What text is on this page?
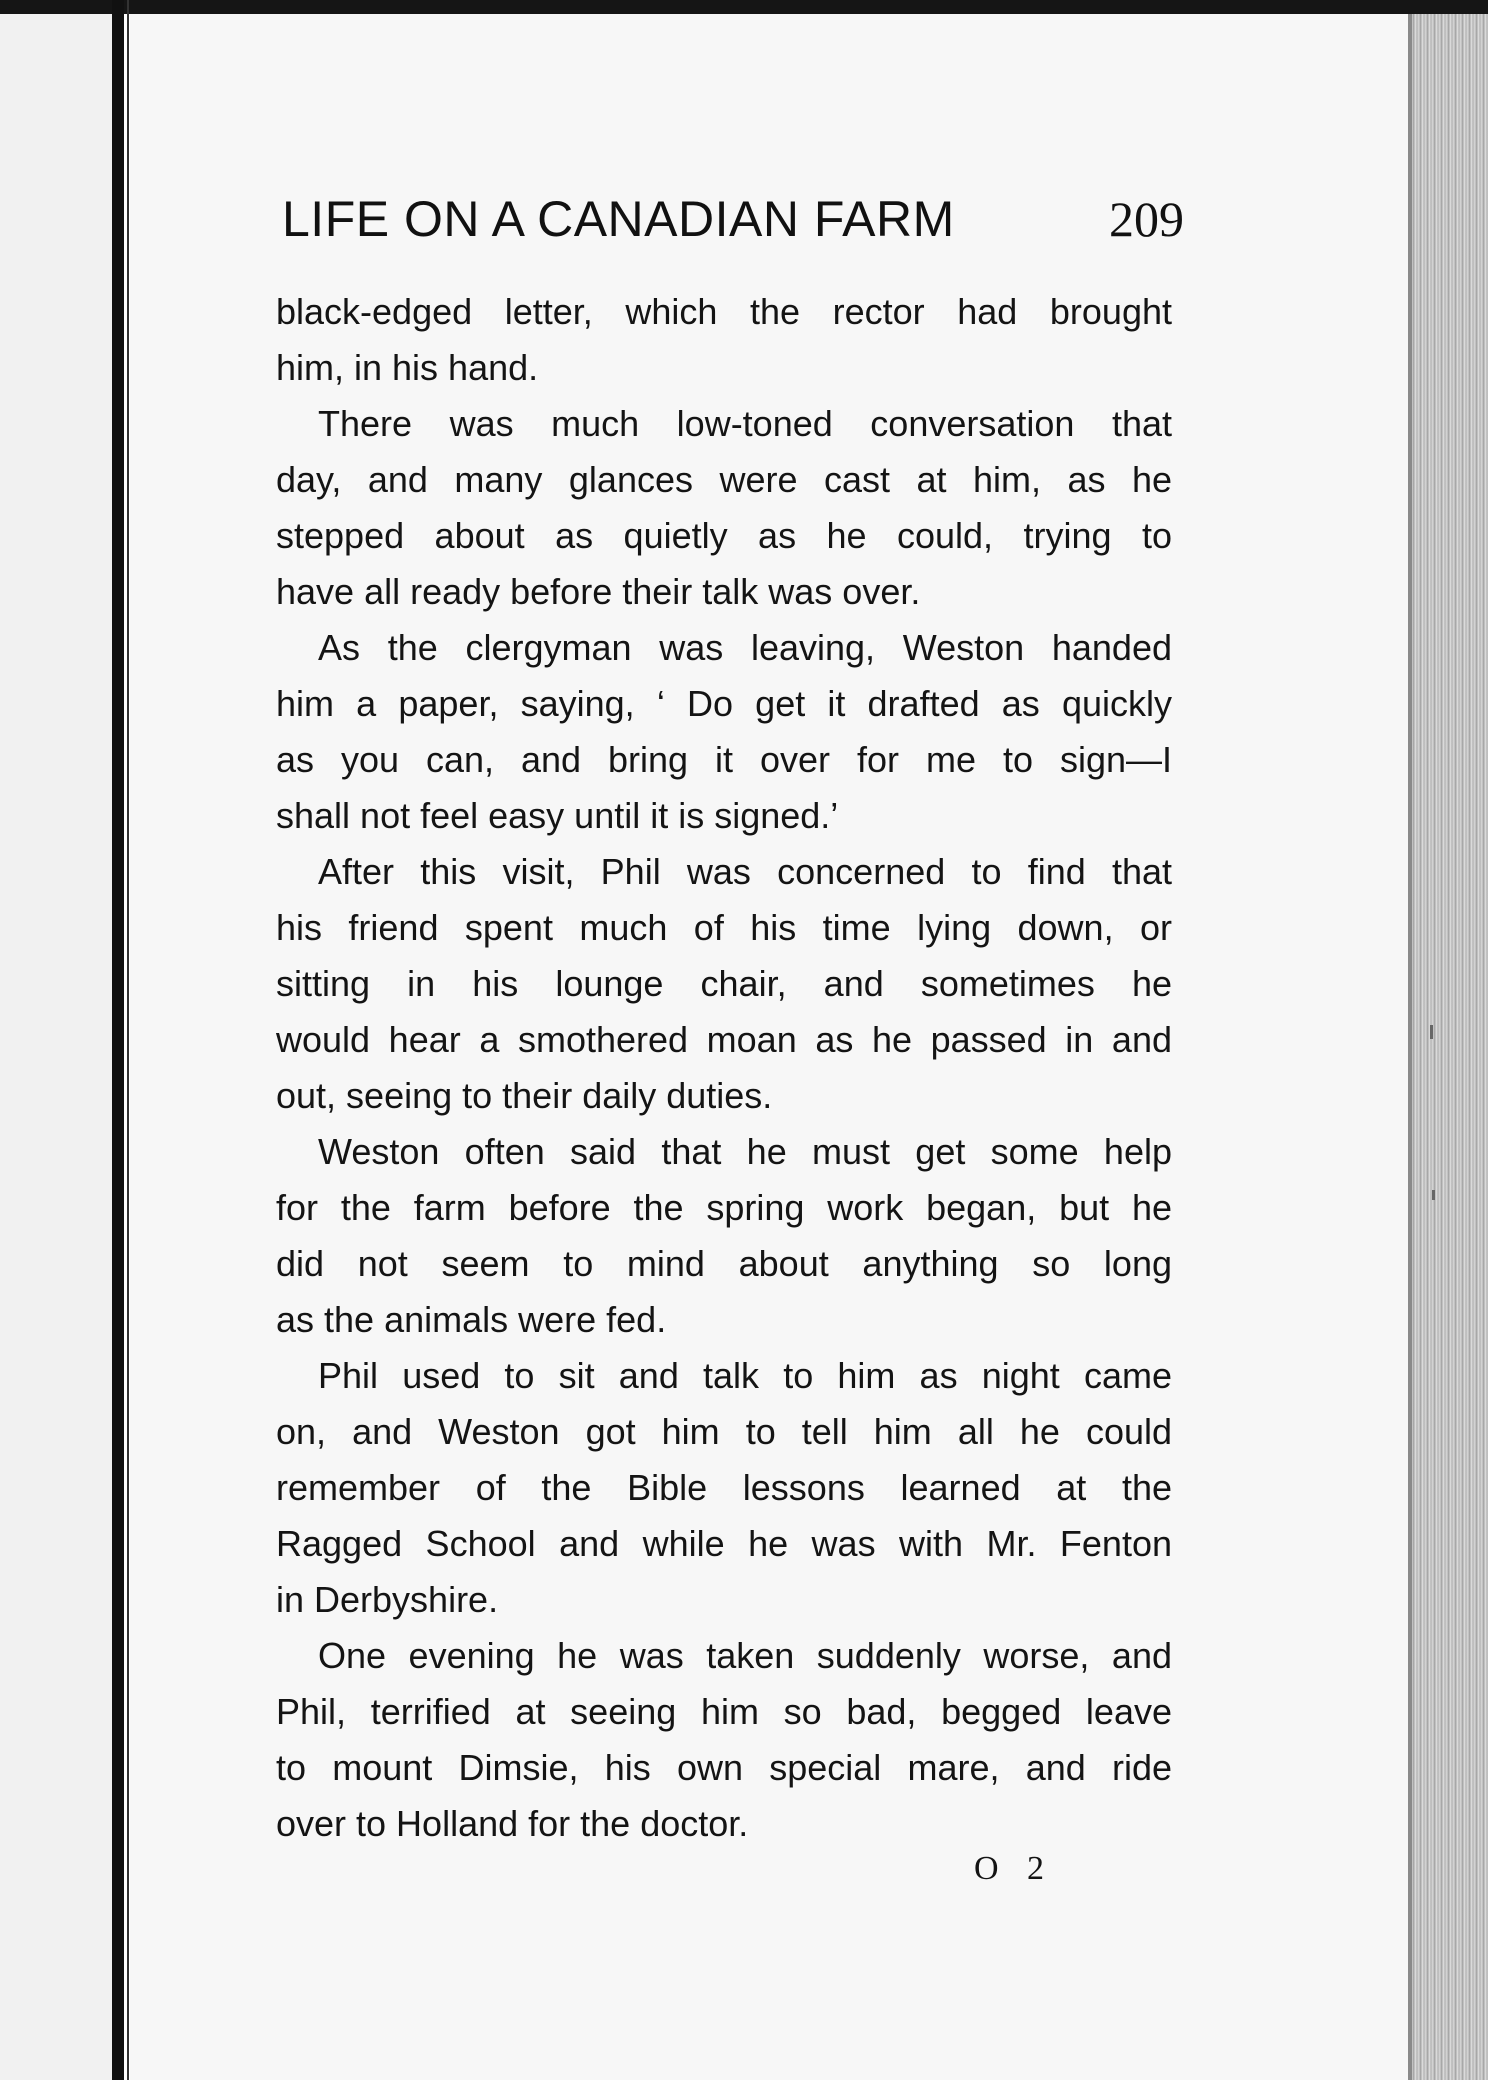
LIFE ON A CANADIAN FARM	209

black-edged letter, which the rector had brought
him, in his hand.

There was much low-toned conversation that
day, and many glances were cast at him, as he
stepped about as quietly as he could, trying to
have all ready before their talk was over.

As the clergyman was leaving, Weston handed
him a paper, saying, ‘ Do get it drafted as quickly
as you can, and bring it over for me to sign—I
shall not feel easy until it is signed.’

After this visit, Phil was concerned to find that
his friend spent much of his time lying down, or
sitting in his lounge chair, and sometimes he
would hear a smothered moan as he passed in and
out, seeing to their daily duties.

Weston often said that he must get some help
for the farm before the spring work began, but he
did not seem to mind about anything so long
as the animals were fed.

Phil used to sit and talk to him as night came
on, and Weston got him to tell him all he could
remember of the Bible lessons learned at the
Ragged School and while he was with Mr. Fenton
in Derbyshire.

One evening he was taken suddenly worse, and
Phil, terrified at seeing him so bad, begged leave
to mount Dimsie, his own special mare, and ride
over to Holland for the doctor.

O 2
